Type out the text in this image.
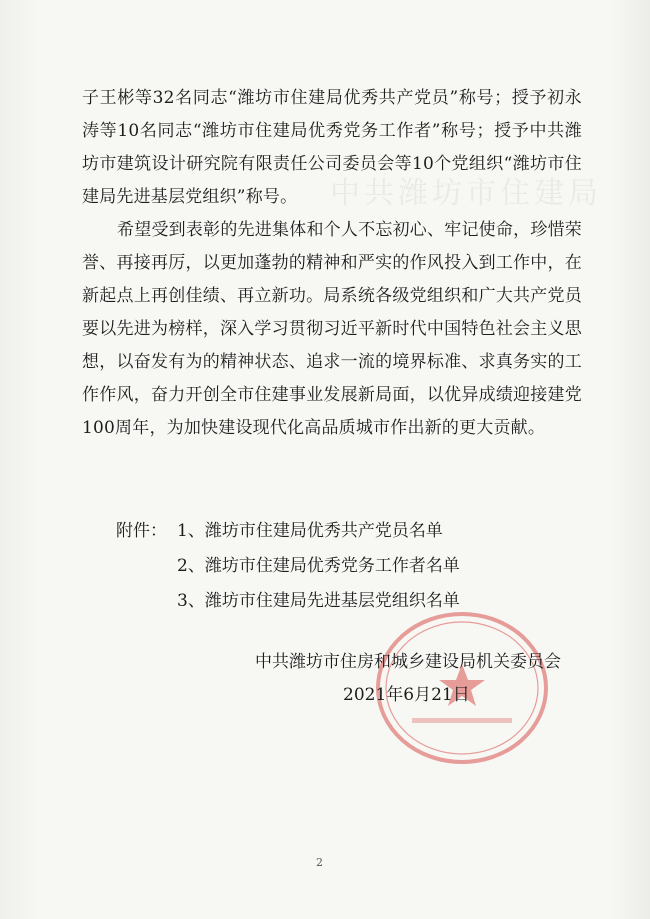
中共潍坊市住建局

子王彬等32名同志“潍坊市住建局优秀共产党员”称号；授予初永涛等10名同志“潍坊市住建局优秀党务工作者”称号；授予中共潍坊市建筑设计研究院有限责任公司委员会等10个党组织“潍坊市住建局先进基层党组织”称号。

希望受到表彰的先进集体和个人不忘初心、牢记使命，珍惜荣誉、再接再厉，以更加蓬勃的精神和严实的作风投入到工作中，在新起点上再创佳绩、再立新功。局系统各级党组织和广大共产党员要以先进为榜样，深入学习贯彻习近平新时代中国特色社会主义思想，以奋发有为的精神状态、追求一流的境界标准、求真务实的工作作风，奋力开创全市住建事业发展新局面，以优异成绩迎接建党100周年，为加快建设现代化高品质城市作出新的更大贡献。

附件： 1、潍坊市住建局优秀共产党员名单
2、潍坊市住建局优秀党务工作者名单
3、潍坊市住建局先进基层党组织名单
中共潍坊市住房和城乡建设局机关委员会
2021年6月21日
2
